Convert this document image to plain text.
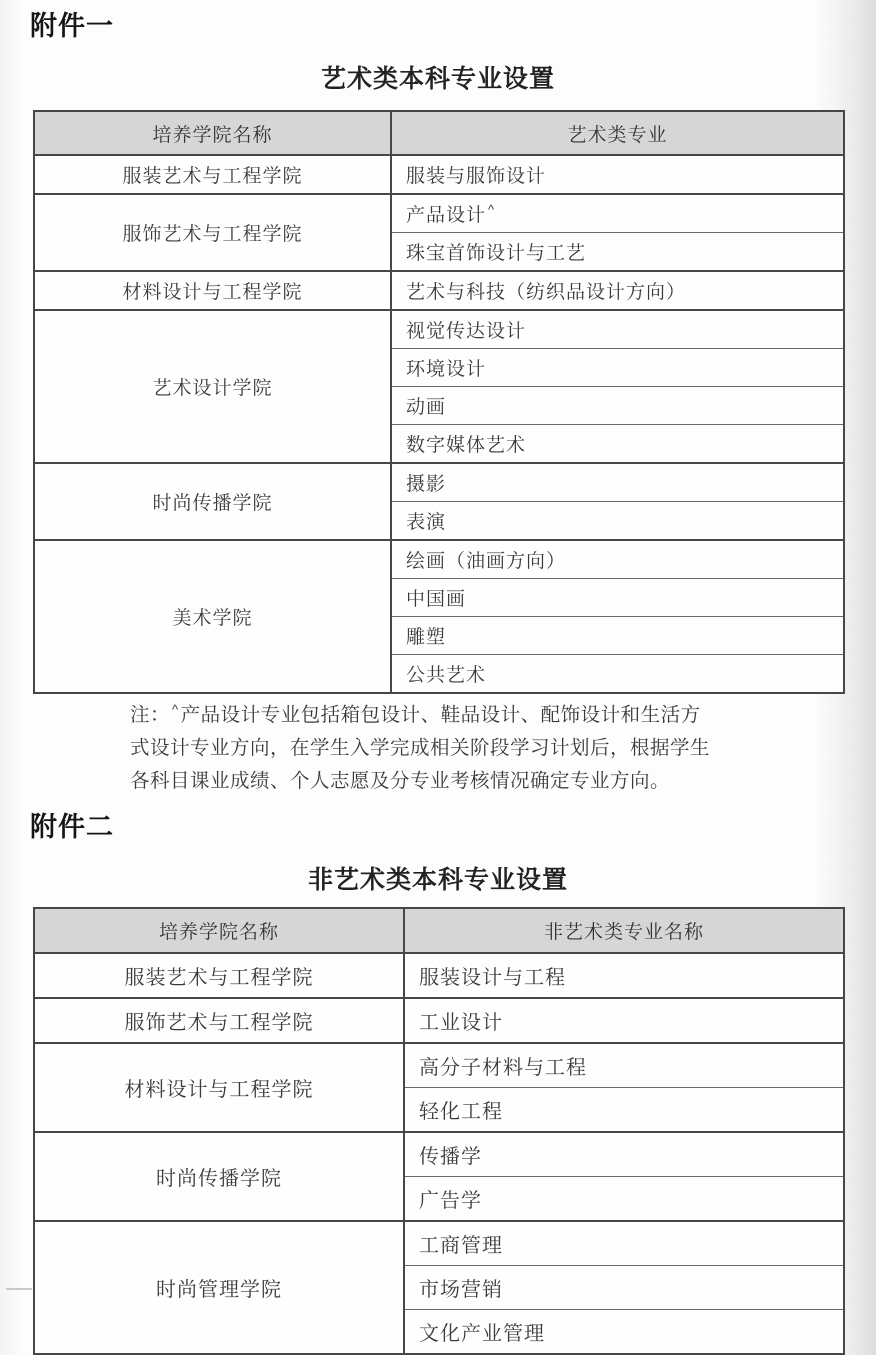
附件一
艺术类本科专业设置
培养学院名称	艺术类专业
服装艺术与工程学院	服装与服饰设计
服饰艺术与工程学院	产品设计 ^
	珠宝首饰设计与工艺
材料设计与工程学院	艺术与科技（纺织品设计方向）
艺术设计学院	视觉传达设计
	环境设计
	动画
	数字媒体艺术
时尚传播学院	摄影
	表演
美术学院	绘画（油画方向）
	中国画
	雕塑
	公共艺术
注： ^ 产品设计专业包括箱包设计、鞋品设计、配饰设计和生活方
式设计专业方向，在学生入学完成相关阶段学习计划后，根据学生
各科目课业成绩、个人志愿及分专业考核情况确定专业方向。
附件二
非艺术类本科专业设置
培养学院名称	非艺术类专业名称
服装艺术与工程学院	服装设计与工程
服饰艺术与工程学院	工业设计
材料设计与工程学院	高分子材料与工程
	轻化工程
时尚传播学院	传播学
	广告学
时尚管理学院	工商管理
	市场营销
	文化产业管理
